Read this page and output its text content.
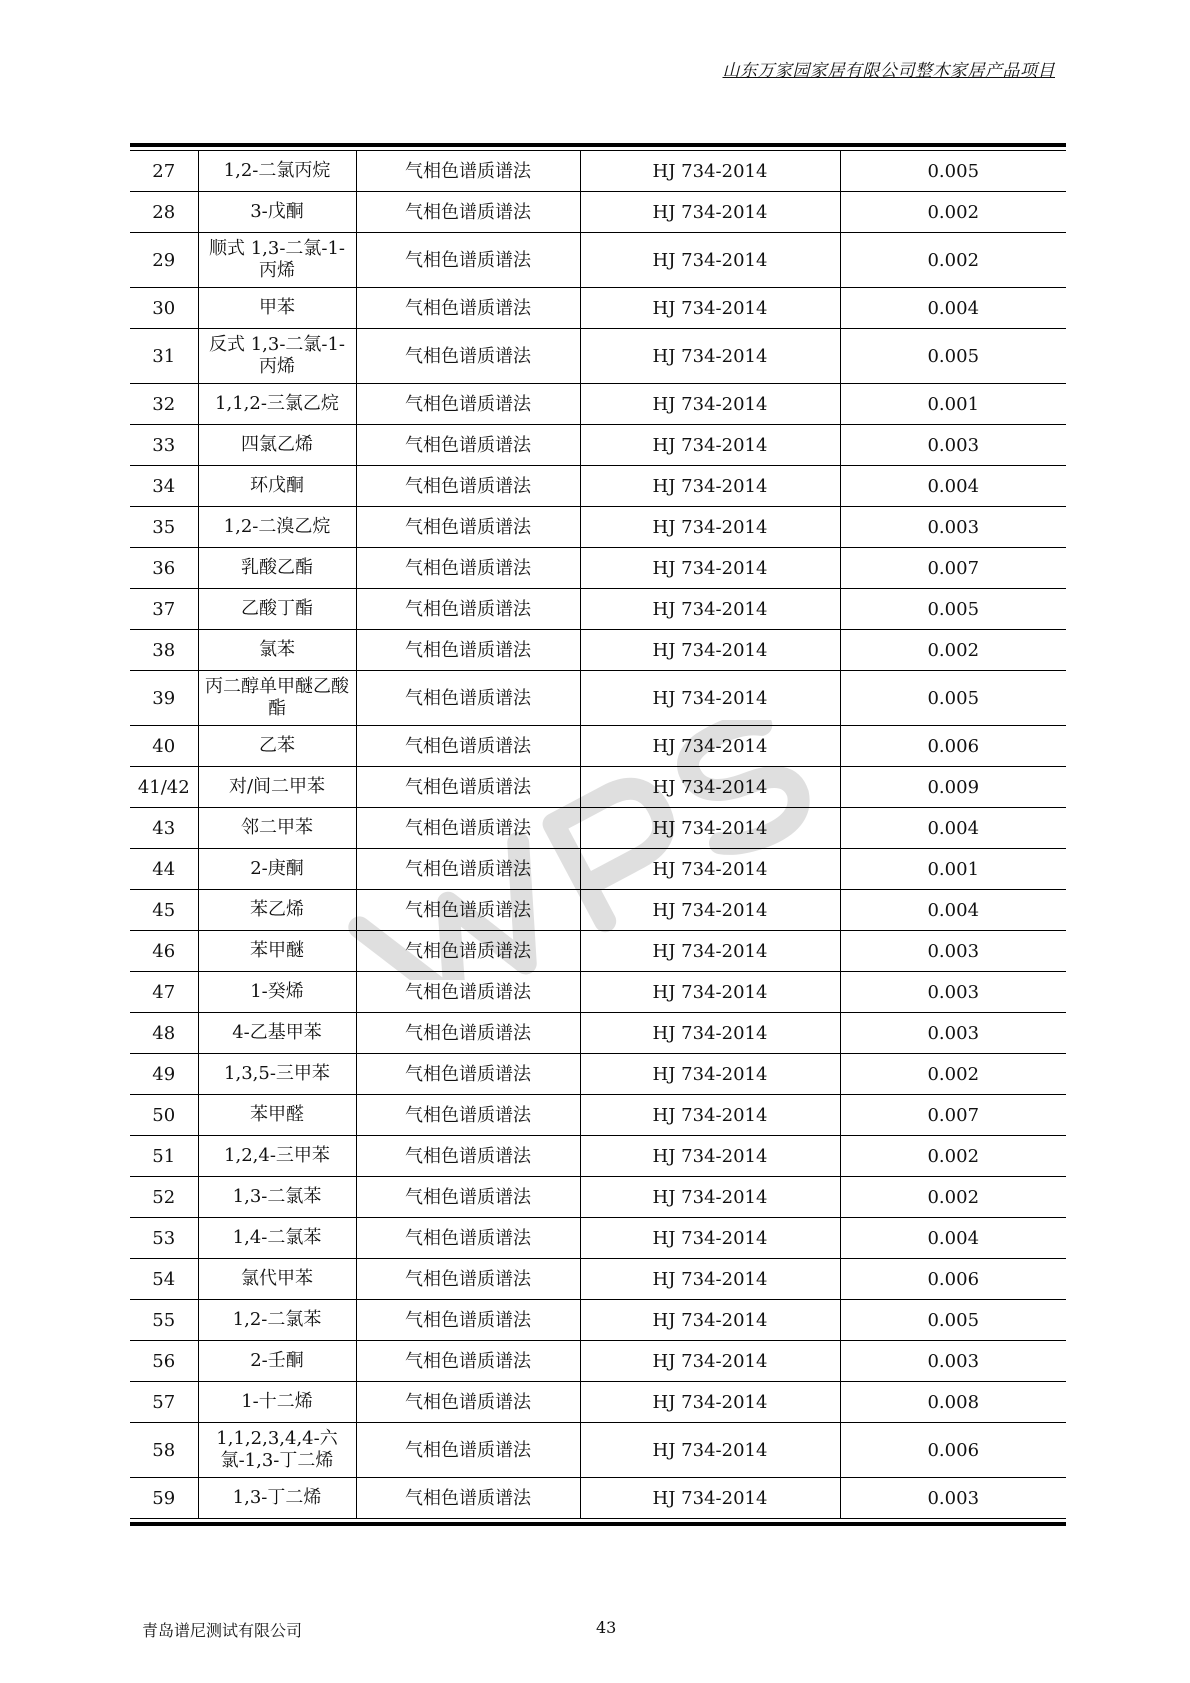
山东万家园家居有限公司整木家居产品项目
27	1,2-二氯丙烷	气相色谱质谱法	HJ 734-2014	0.005
28	3-戊酮	气相色谱质谱法	HJ 734-2014	0.002
29	顺式 1,3-二氯-1-丙烯	气相色谱质谱法	HJ 734-2014	0.002
30	甲苯	气相色谱质谱法	HJ 734-2014	0.004
31	反式 1,3-二氯-1-丙烯	气相色谱质谱法	HJ 734-2014	0.005
32	1,1,2-三氯乙烷	气相色谱质谱法	HJ 734-2014	0.001
33	四氯乙烯	气相色谱质谱法	HJ 734-2014	0.003
34	环戊酮	气相色谱质谱法	HJ 734-2014	0.004
35	1,2-二溴乙烷	气相色谱质谱法	HJ 734-2014	0.003
36	乳酸乙酯	气相色谱质谱法	HJ 734-2014	0.007
37	乙酸丁酯	气相色谱质谱法	HJ 734-2014	0.005
38	氯苯	气相色谱质谱法	HJ 734-2014	0.002
39	丙二醇单甲醚乙酸酯	气相色谱质谱法	HJ 734-2014	0.005
40	乙苯	气相色谱质谱法	HJ 734-2014	0.006
41/42	对/间二甲苯	气相色谱质谱法	HJ 734-2014	0.009
43	邻二甲苯	气相色谱质谱法	HJ 734-2014	0.004
44	2-庚酮	气相色谱质谱法	HJ 734-2014	0.001
45	苯乙烯	气相色谱质谱法	HJ 734-2014	0.004
46	苯甲醚	气相色谱质谱法	HJ 734-2014	0.003
47	1-癸烯	气相色谱质谱法	HJ 734-2014	0.003
48	4-乙基甲苯	气相色谱质谱法	HJ 734-2014	0.003
49	1,3,5-三甲苯	气相色谱质谱法	HJ 734-2014	0.002
50	苯甲醛	气相色谱质谱法	HJ 734-2014	0.007
51	1,2,4-三甲苯	气相色谱质谱法	HJ 734-2014	0.002
52	1,3-二氯苯	气相色谱质谱法	HJ 734-2014	0.002
53	1,4-二氯苯	气相色谱质谱法	HJ 734-2014	0.004
54	氯代甲苯	气相色谱质谱法	HJ 734-2014	0.006
55	1,2-二氯苯	气相色谱质谱法	HJ 734-2014	0.005
56	2-壬酮	气相色谱质谱法	HJ 734-2014	0.003
57	1-十二烯	气相色谱质谱法	HJ 734-2014	0.008
58	1,1,2,3,4,4-六氯-1,3-丁二烯	气相色谱质谱法	HJ 734-2014	0.006
59	1,3-丁二烯	气相色谱质谱法	HJ 734-2014	0.003
青岛谱尼测试有限公司	43
